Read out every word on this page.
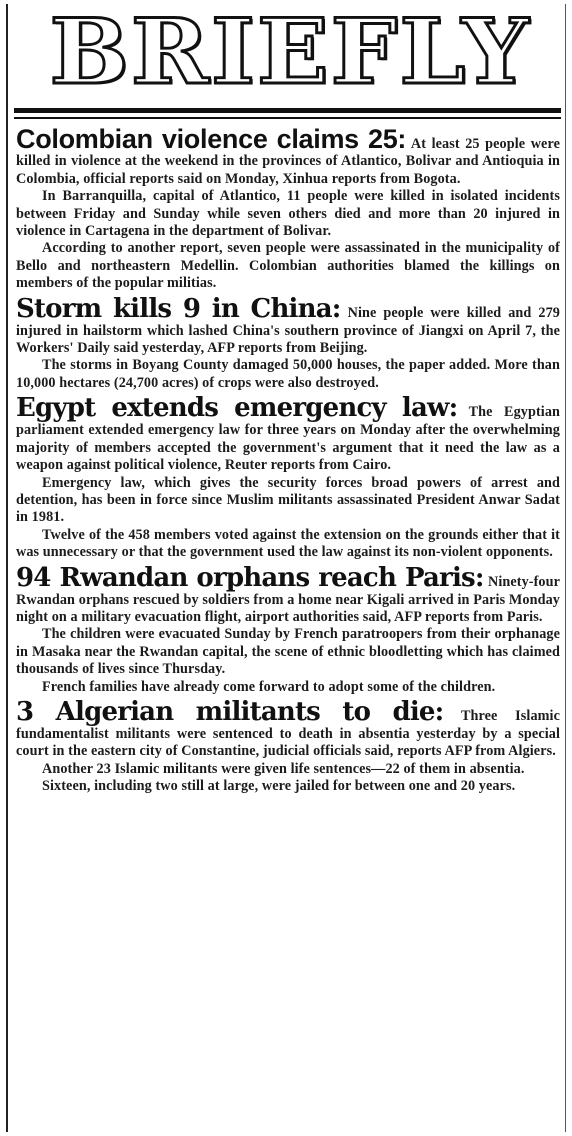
BRIEFLY

Colombian violence claims 25: At least 25 people were killed in violence at the weekend in the provinces of Atlantico, Bolivar and Antioquia in Colombia, official reports said on Monday, Xinhua reports from Bogota.

In Barranquilla, capital of Atlantico, 11 people were killed in isolated incidents between Friday and Sunday while seven others died and more than 20 injured in violence in Cartagena in the department of Bolivar.

According to another report, seven people were assassinated in the municipality of Bello and northeastern Medellin. Colombian authorities blamed the killings on members of the popular militias.

Storm kills 9 in China: Nine people were killed and 279 injured in hailstorm which lashed China's southern province of Jiangxi on April 7, the Workers' Daily said yesterday, AFP reports from Beijing.

The storms in Boyang County damaged 50,000 houses, the paper added. More than 10,000 hectares (24,700 acres) of crops were also destroyed.

Egypt extends emergency law: The Egyptian parliament extended emergency law for three years on Monday after the overwhelming majority of members accepted the government's argument that it need the law as a weapon against political violence, Reuter reports from Cairo.

Emergency law, which gives the security forces broad powers of arrest and detention, has been in force since Muslim militants assassinated President Anwar Sadat in 1981.

Twelve of the 458 members voted against the extension on the grounds either that it was unnecessary or that the government used the law against its non-violent opponents.

94 Rwandan orphans reach Paris: Ninety-four Rwandan orphans rescued by soldiers from a home near Kigali arrived in Paris Monday night on a military evacuation flight, airport authorities said, AFP reports from Paris.

The children were evacuated Sunday by French paratroopers from their orphanage in Masaka near the Rwandan capital, the scene of ethnic bloodletting which has claimed thousands of lives since Thursday.

French families have already come forward to adopt some of the children.

3 Algerian militants to die: Three Islamic fundamentalist militants were sentenced to death in absentia yesterday by a special court in the eastern city of Constantine, judicial officials said, reports AFP from Algiers.

Another 23 Islamic militants were given life sentences—22 of them in absentia.

Sixteen, including two still at large, were jailed for between one and 20 years.
